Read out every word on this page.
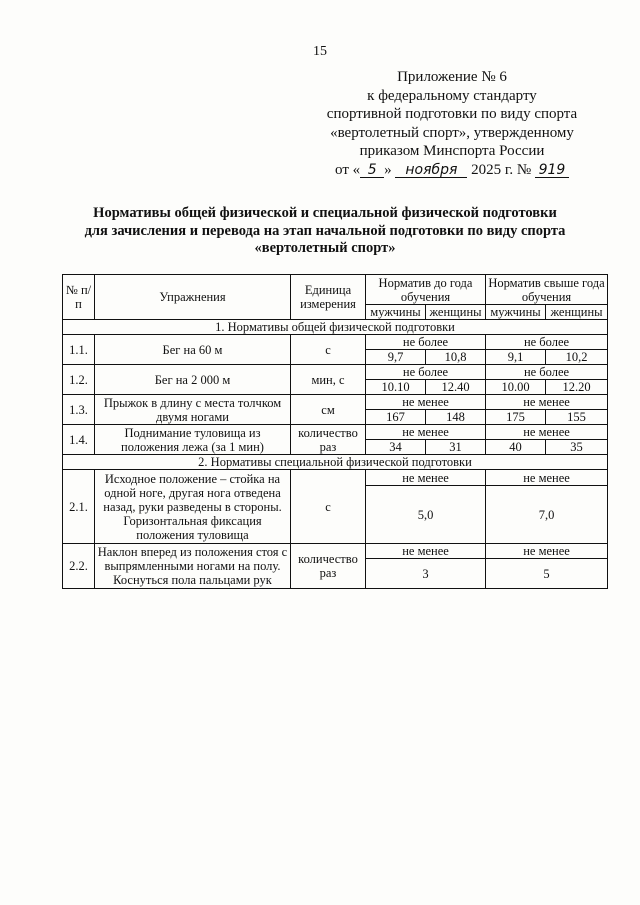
15
Приложение № 6
к федеральному стандарту
спортивной подготовки по виду спорта
«вертолетный спорт», утвержденному
приказом Минспорта России
от « 5 » ноября 2025 г. № 919
Нормативы общей физической и специальной физической подготовки
для зачисления и перевода на этап начальной подготовки по виду спорта
«вертолетный спорт»
№ п/п	Упражнения	Единица измерения	Норматив до года обучения		Норматив свыше года обучения	
			мужчины	женщины	мужчины	женщины
1. Нормативы общей физической подготовки						
1.1.	Бег на 60 м	с	не более		не более	
			9,7	10,8	9,1	10,2
1.2.	Бег на 2 000 м	мин, с	не более		не более	
			10.10	12.40	10.00	12.20
1.3.	Прыжок в длину с места толчком двумя ногами	см	не менее		не менее	
			167	148	175	155
1.4.	Поднимание туловища из положения лежа (за 1 мин)	количество раз	не менее		не менее	
			34	31	40	35
2. Нормативы специальной физической подготовки						
2.1.	Исходное положение – стойка на одной ноге, другая нога отведена назад, руки разведены в стороны. Горизонтальная фиксация положения туловища	с	не менее		не менее	
			5,0		7,0	
2.2.	Наклон вперед из положения стоя с выпрямленными ногами на полу. Коснуться пола пальцами рук	количество раз	не менее		не менее	
			3		5	
